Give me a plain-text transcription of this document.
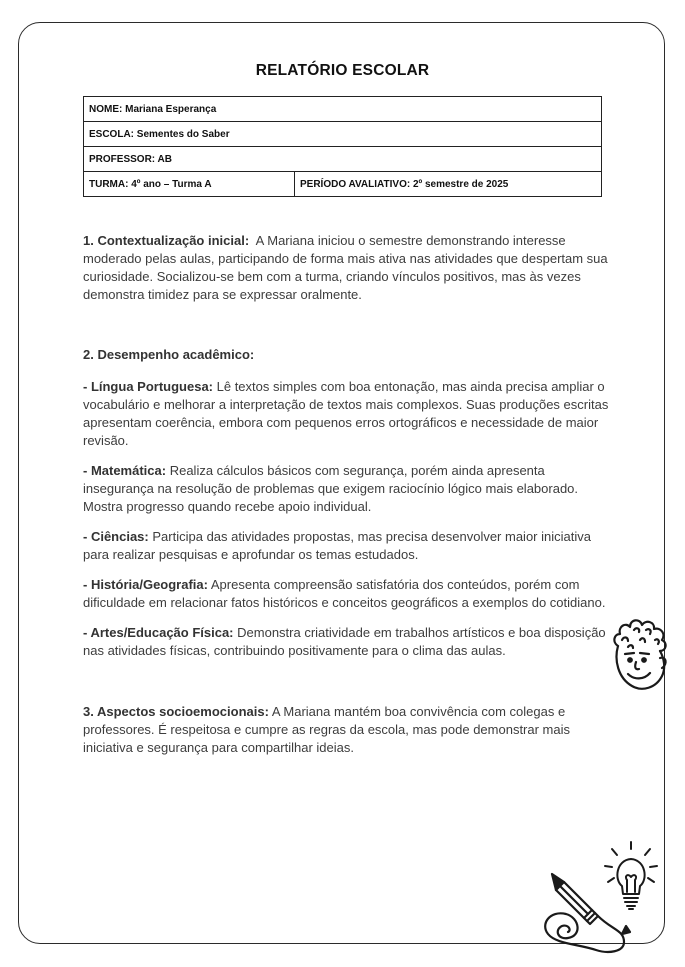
RELATÓRIO ESCOLAR
NOME: Mariana Esperança
ESCOLA: Sementes do Saber
PROFESSOR: AB
TURMA: 4º ano – Turma A	PERÍODO AVALIATIVO: 2º semestre de 2025

1. Contextualização inicial: A Mariana iniciou o semestre demonstrando interesse moderado pelas aulas, participando de forma mais ativa nas atividades que despertam sua curiosidade. Socializou-se bem com a turma, criando vínculos positivos, mas às vezes demonstra timidez para se expressar oralmente.

2. Desempenho acadêmico:

- Língua Portuguesa: Lê textos simples com boa entonação, mas ainda precisa ampliar o vocabulário e melhorar a interpretação de textos mais complexos. Suas produções escritas apresentam coerência, embora com pequenos erros ortográficos e necessidade de maior revisão.

- Matemática: Realiza cálculos básicos com segurança, porém ainda apresenta insegurança na resolução de problemas que exigem raciocínio lógico mais elaborado. Mostra progresso quando recebe apoio individual.

- Ciências: Participa das atividades propostas, mas precisa desenvolver maior iniciativa para realizar pesquisas e aprofundar os temas estudados.

- História/Geografia: Apresenta compreensão satisfatória dos conteúdos, porém com dificuldade em relacionar fatos históricos e conceitos geográficos a exemplos do cotidiano.

- Artes/Educação Física: Demonstra criatividade em trabalhos artísticos e boa disposição nas atividades físicas, contribuindo positivamente para o clima das aulas.

3. Aspectos socioemocionais: A Mariana mantém boa convivência com colegas e professores. É respeitosa e cumpre as regras da escola, mas pode demonstrar mais iniciativa e segurança para compartilhar ideias.
